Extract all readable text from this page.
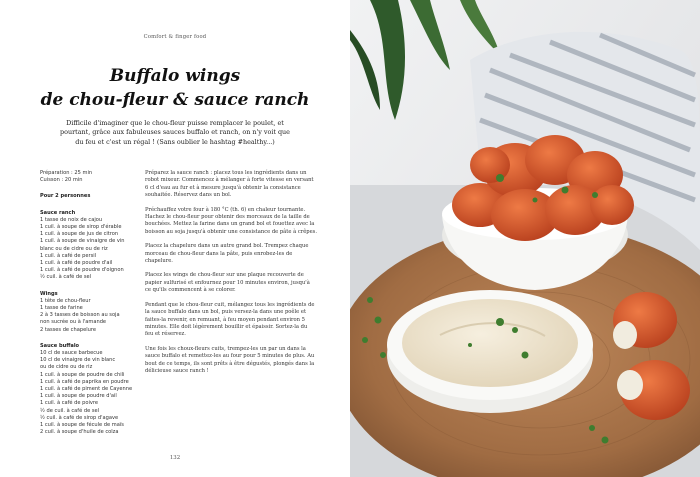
Comfort & finger food
Buffalo wings
de chou-fleur & sauce ranch
Difficile d'imaginer que le chou-fleur puisse remplacer le poulet, et pourtant, grâce aux fabuleuses sauces buffalo et ranch, on n'y voit que du feu et c'est un régal ! (Sans oublier le hashtag #healthy...)
Préparation : 25 min
Cuisson : 20 min
Pour 2 personnes
Sauce ranch
1 tasse de noix de cajou
1 cuil. à soupe de sirop d'érable
1 cuil. à soupe de jus de citron
1 cuil. à soupe de vinaigre de vin
blanc ou de cidre ou de riz
1 cuil. à café de persil
1 cuil. à café de poudre d'ail
1 cuil. à café de poudre d'oignon
½ cuil. à café de sel
Wings
1 tête de chou-fleur
1 tasse de farine
2 à 3 tasses de boisson au soja
non sucrée ou à l'amande
2 tasses de chapelure
Sauce buffalo
10 cl de sauce barbecue
10 cl de vinaigre de vin blanc
ou de cidre ou de riz
1 cuil. à soupe de poudre de chili
1 cuil. à café de paprika en poudre
1 cuil. à café de piment de Cayenne
1 cuil. à soupe de poudre d'ail
1 cuil. à café de poivre
½ de cuil. à café de sel
½ cuil. à café de sirop d'agave
1 cuil. à soupe de fécule de maïs
2 cuil. à soupe d'huile de colza

Préparez la sauce ranch : placez tous les ingrédients dans un robot mixeur. Commencez à mélanger à forte vitesse en versant 6 cl d'eau au fur et à mesure jusqu'à obtenir la consistance souhaitée. Réservez dans un bol.

Préchauffez votre four à 180 °C (th. 6) en chaleur tournante. Hachez le chou-fleur pour obtenir des morceaux de la taille de bouchées. Mettez la farine dans un grand bol et fouettez avec la boisson au soja jusqu'à obtenir une consistance de pâte à crêpes.

Placez la chapelure dans un autre grand bol. Trempez chaque morceau de chou-fleur dans la pâte, puis enrobez-les de chapelure.

Placez les wings de chou-fleur sur une plaque recouverte de papier sulfurisé et enfournez pour 10 minutes environ, jusqu'à ce qu'ils commencent à se colorer.

Pendant que le chou-fleur cuit, mélangez tous les ingrédients de la sauce buffalo dans un bol, puis versez-la dans une poêle et faites-la revenir, en remuant, à feu moyen pendant environ 5 minutes. Elle doit légèrement bouillir et épaissir. Sortez-la du feu et réservez.

Une fois les choux-fleurs cuits, trempez-les un par un dans la sauce buffalo et remettez-les au four pour 5 minutes de plus. Au bout de ce temps, ils sont prêts à être dégustés, plongés dans la délicieuse sauce ranch !

132
